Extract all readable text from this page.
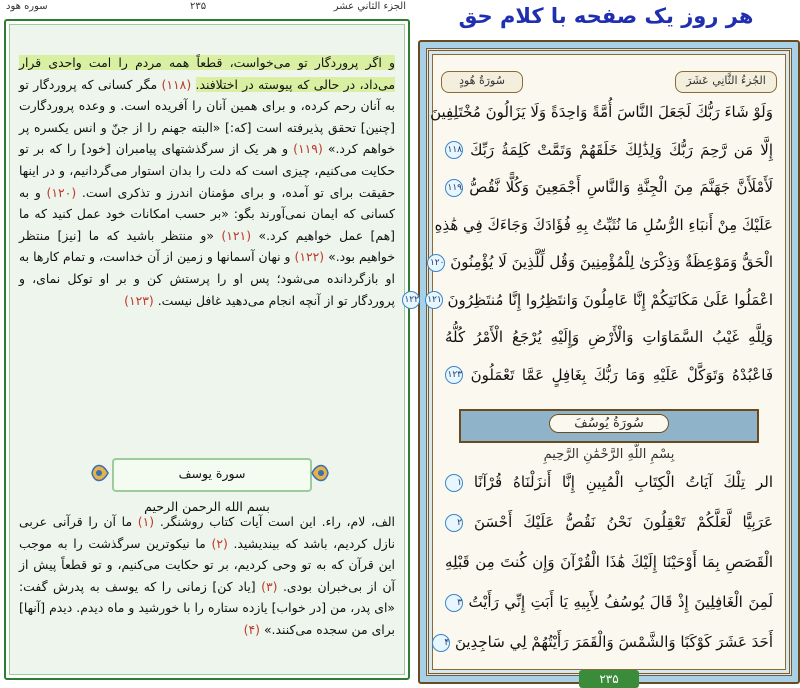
الجزء الثاني عشر
۲۳۵
سوره هود

و اگر پروردگار تو می‌خواست، قطعاً همه مردم را امت واحدی قرار می‌داد، در حالی که پیوسته در اختلافند. (۱۱۸) مگر کسانی که پروردگار تو به آنان رحم کرده، و برای همین آنان را آفریده است. و وعده پروردگارت [چنین] تحقق پذیرفته است [که:] «البته جهنم را از جنّ و انس یکسره پر خواهم کرد.» (۱۱۹) و هر یک از سرگذشتهای پیامبران [خود] را که بر تو حکایت می‌کنیم، چیزی است که دلت را بدان استوار می‌گردانیم، و در اینها حقیقت برای تو آمده، و برای مؤمنان اندرز و تذکری است. (۱۲۰) و به کسانی که ایمان نمی‌آورند بگو: «بر حسب امکانات خود عمل کنید که ما [هم] عمل خواهیم کرد.» (۱۲۱) «و منتظر باشید که ما [نیز] منتظر خواهیم بود.» (۱۲۲) و نهان آسمانها و زمین از آن خداست، و تمام کارها به او بازگردانده می‌شود؛ پس او را پرستش کن و بر او توکل نمای، و پروردگار تو از آنچه انجام می‌دهید غافل نیست. (۱۲۳)

سورة یوسف
بسم الله الرحمن الرحيم

الف، لام، راء. این است آیات کتاب روشنگر. (۱) ما آن را قرآنی عربی نازل کردیم، باشد که بیندیشید. (۲) ما نیکوترین سرگذشت را به موجب این قرآن که به تو وحی کردیم، بر تو حکایت می‌کنیم، و تو قطعاً پیش از آن از بی‌خبران بودی. (۳) [یاد کن] زمانی را که یوسف به پدرش گفت: «ای پدر، من [در خواب] یازده ستاره را با خورشید و ماه دیدم. دیدم [آنها] برای من سجده می‌کنند.» (۴)

هر روز یک صفحه با کلام حق
الجُزءُ الثَّانِي عَشَرَ
سُورَةُ هُودٍ
وَلَوْ شَاءَ رَبُّكَ لَجَعَلَ النَّاسَ أُمَّةً وَاحِدَةً وَلَا يَزَالُونَ مُخْتَلِفِينَ
إِلَّا مَن رَّحِمَ رَبُّكَ وَلِذَٰلِكَ خَلَقَهُمْ وَتَمَّتْ كَلِمَةُ رَبِّكَ ۱۱۸
لَأَمْلَأَنَّ جَهَنَّمَ مِنَ الْجِنَّةِ وَالنَّاسِ أَجْمَعِينَ وَكُلًّا نَّقُصُّ ۱۱۹
عَلَيْكَ مِنْ أَنبَاءِ الرُّسُلِ مَا نُثَبِّتُ بِهِ فُؤَادَكَ وَجَاءَكَ فِي هَٰذِهِ
الْحَقُّ وَمَوْعِظَةٌ وَذِكْرَىٰ لِلْمُؤْمِنِينَ وَقُل لِّلَّذِينَ لَا يُؤْمِنُونَ ۱۲۰
اعْمَلُوا عَلَىٰ مَكَانَتِكُمْ إِنَّا عَامِلُونَ وَانتَظِرُوا إِنَّا مُنتَظِرُونَ ۱۲۱ ۱۲۲
وَلِلَّهِ غَيْبُ السَّمَاوَاتِ وَالْأَرْضِ وَإِلَيْهِ يُرْجَعُ الْأَمْرُ كُلُّهُ
فَاعْبُدْهُ وَتَوَكَّلْ عَلَيْهِ وَمَا رَبُّكَ بِغَافِلٍ عَمَّا تَعْمَلُونَ ۱۲۳
سُورَةُ يُوسُفَ
بِسْمِ اللَّهِ الرَّحْمَٰنِ الرَّحِيمِ
الر تِلْكَ آيَاتُ الْكِتَابِ الْمُبِينِ إِنَّا أَنزَلْنَاهُ قُرْآنًا ۱
عَرَبِيًّا لَّعَلَّكُمْ تَعْقِلُونَ نَحْنُ نَقُصُّ عَلَيْكَ أَحْسَنَ ۲
الْقَصَصِ بِمَا أَوْحَيْنَا إِلَيْكَ هَٰذَا الْقُرْآنَ وَإِن كُنتَ مِن قَبْلِهِ
لَمِنَ الْغَافِلِينَ إِذْ قَالَ يُوسُفُ لِأَبِيهِ يَا أَبَتِ إِنِّي رَأَيْتُ ۳
أَحَدَ عَشَرَ كَوْكَبًا وَالشَّمْسَ وَالْقَمَرَ رَأَيْتُهُمْ لِي سَاجِدِينَ ۴
۲۳۵
